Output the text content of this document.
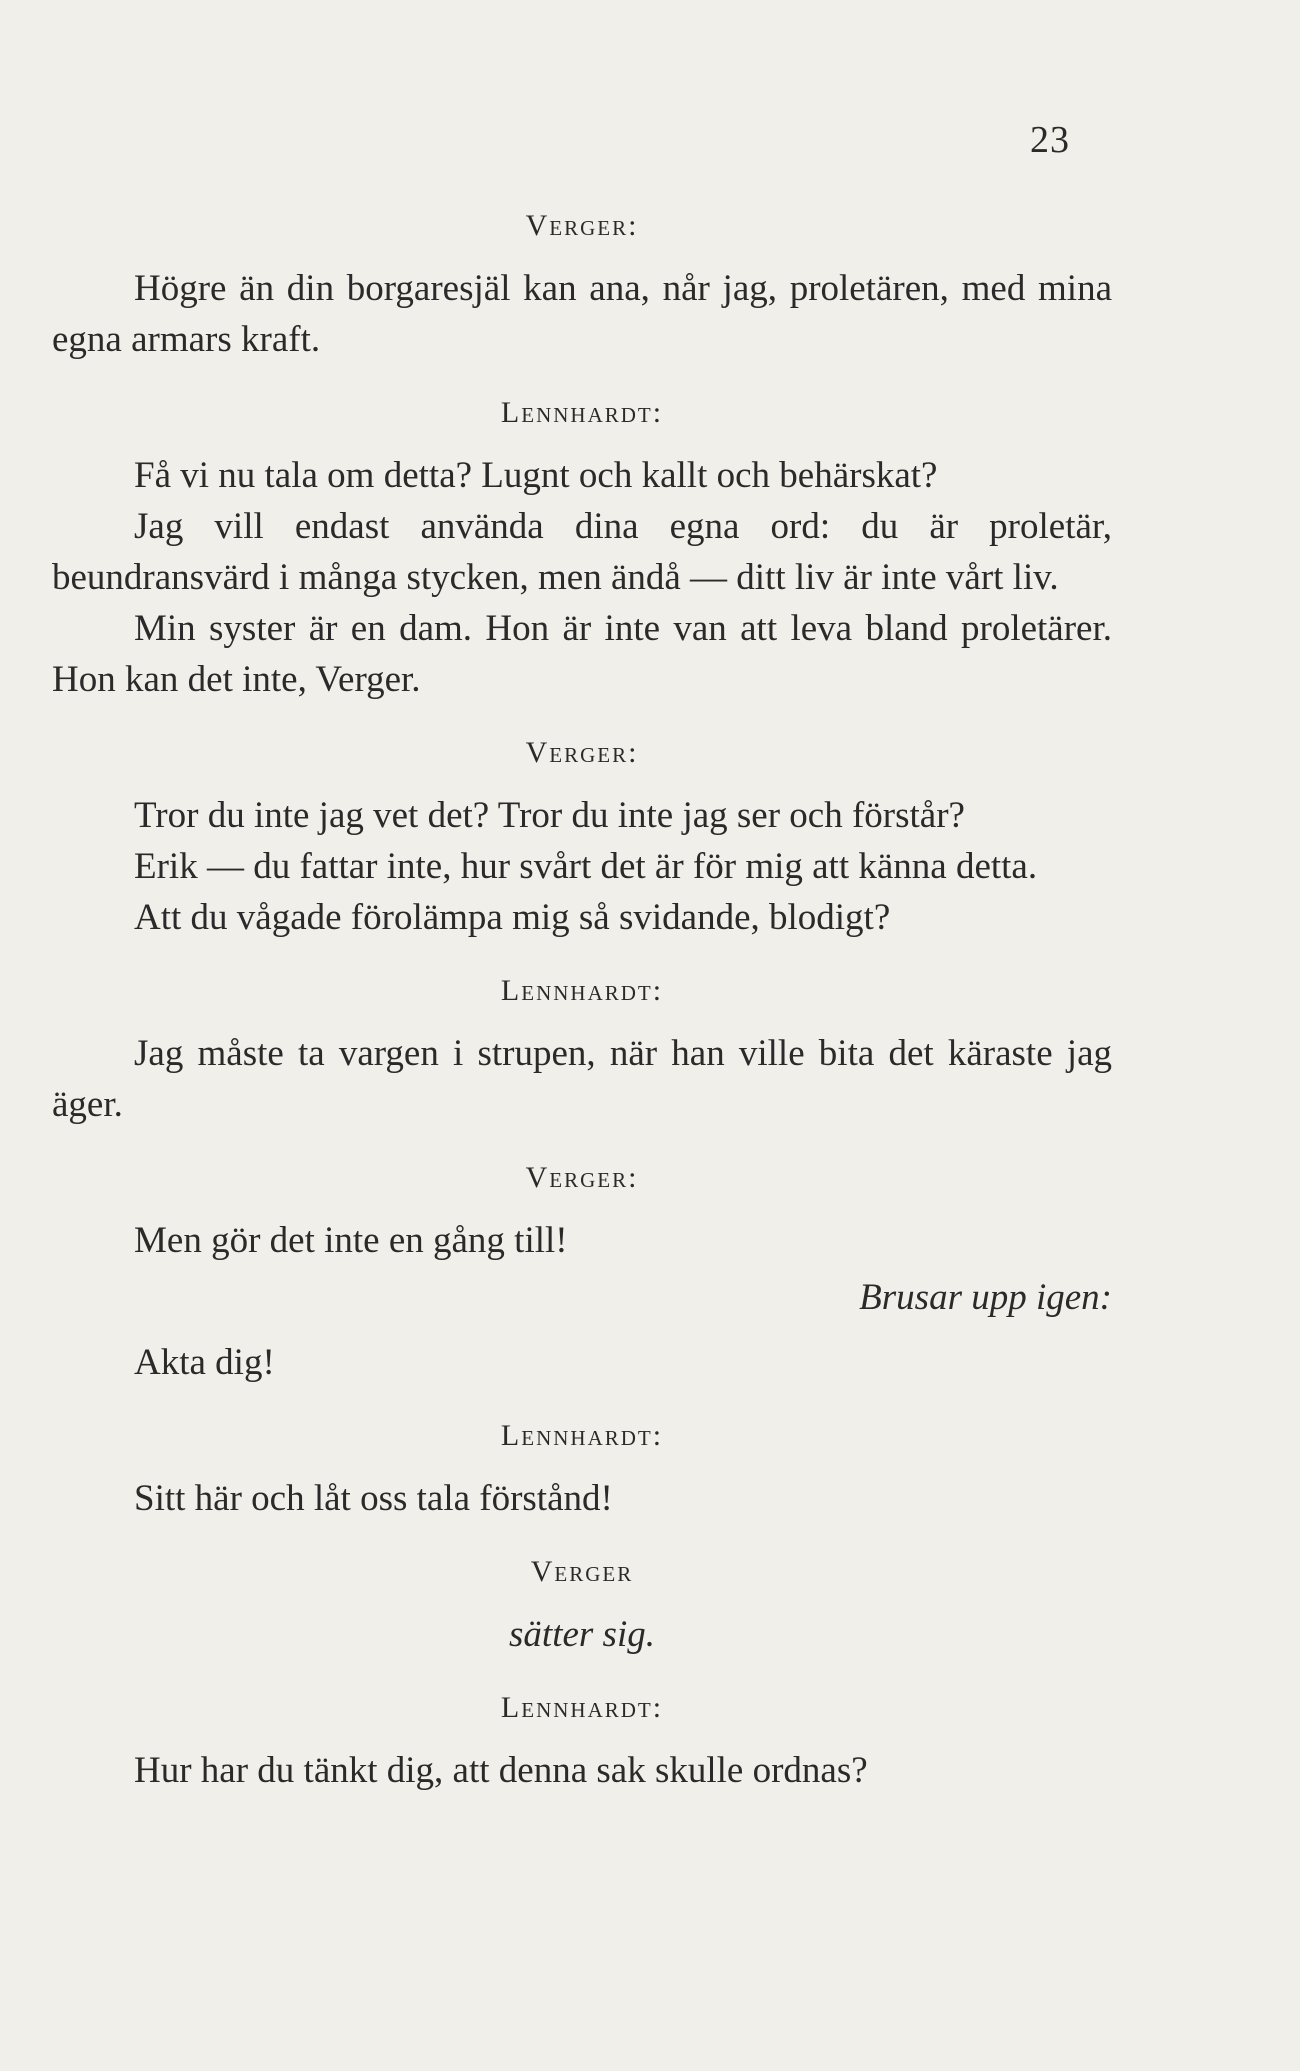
23
Verger:

Högre än din borgaresjäl kan ana, når jag, proletären, med mina egna armars kraft.

Lennhardt:

Få vi nu tala om detta? Lugnt och kallt och behärskat?

Jag vill endast använda dina egna ord: du är proletär, beundransvärd i många stycken, men ändå — ditt liv är inte vårt liv.

Min syster är en dam. Hon är inte van att leva bland proletärer. Hon kan det inte, Verger.

Verger:

Tror du inte jag vet det? Tror du inte jag ser och förstår?

Erik — du fattar inte, hur svårt det är för mig att känna detta.

Att du vågade förolämpa mig så svidande, blodigt?

Lennhardt:

Jag måste ta vargen i strupen, när han ville bita det käraste jag äger.

Verger:

Men gör det inte en gång till!

Brusar upp igen:

Akta dig!

Lennhardt:

Sitt här och låt oss tala förstånd!

Verger
sätter sig.
Lennhardt:

Hur har du tänkt dig, att denna sak skulle ordnas?
